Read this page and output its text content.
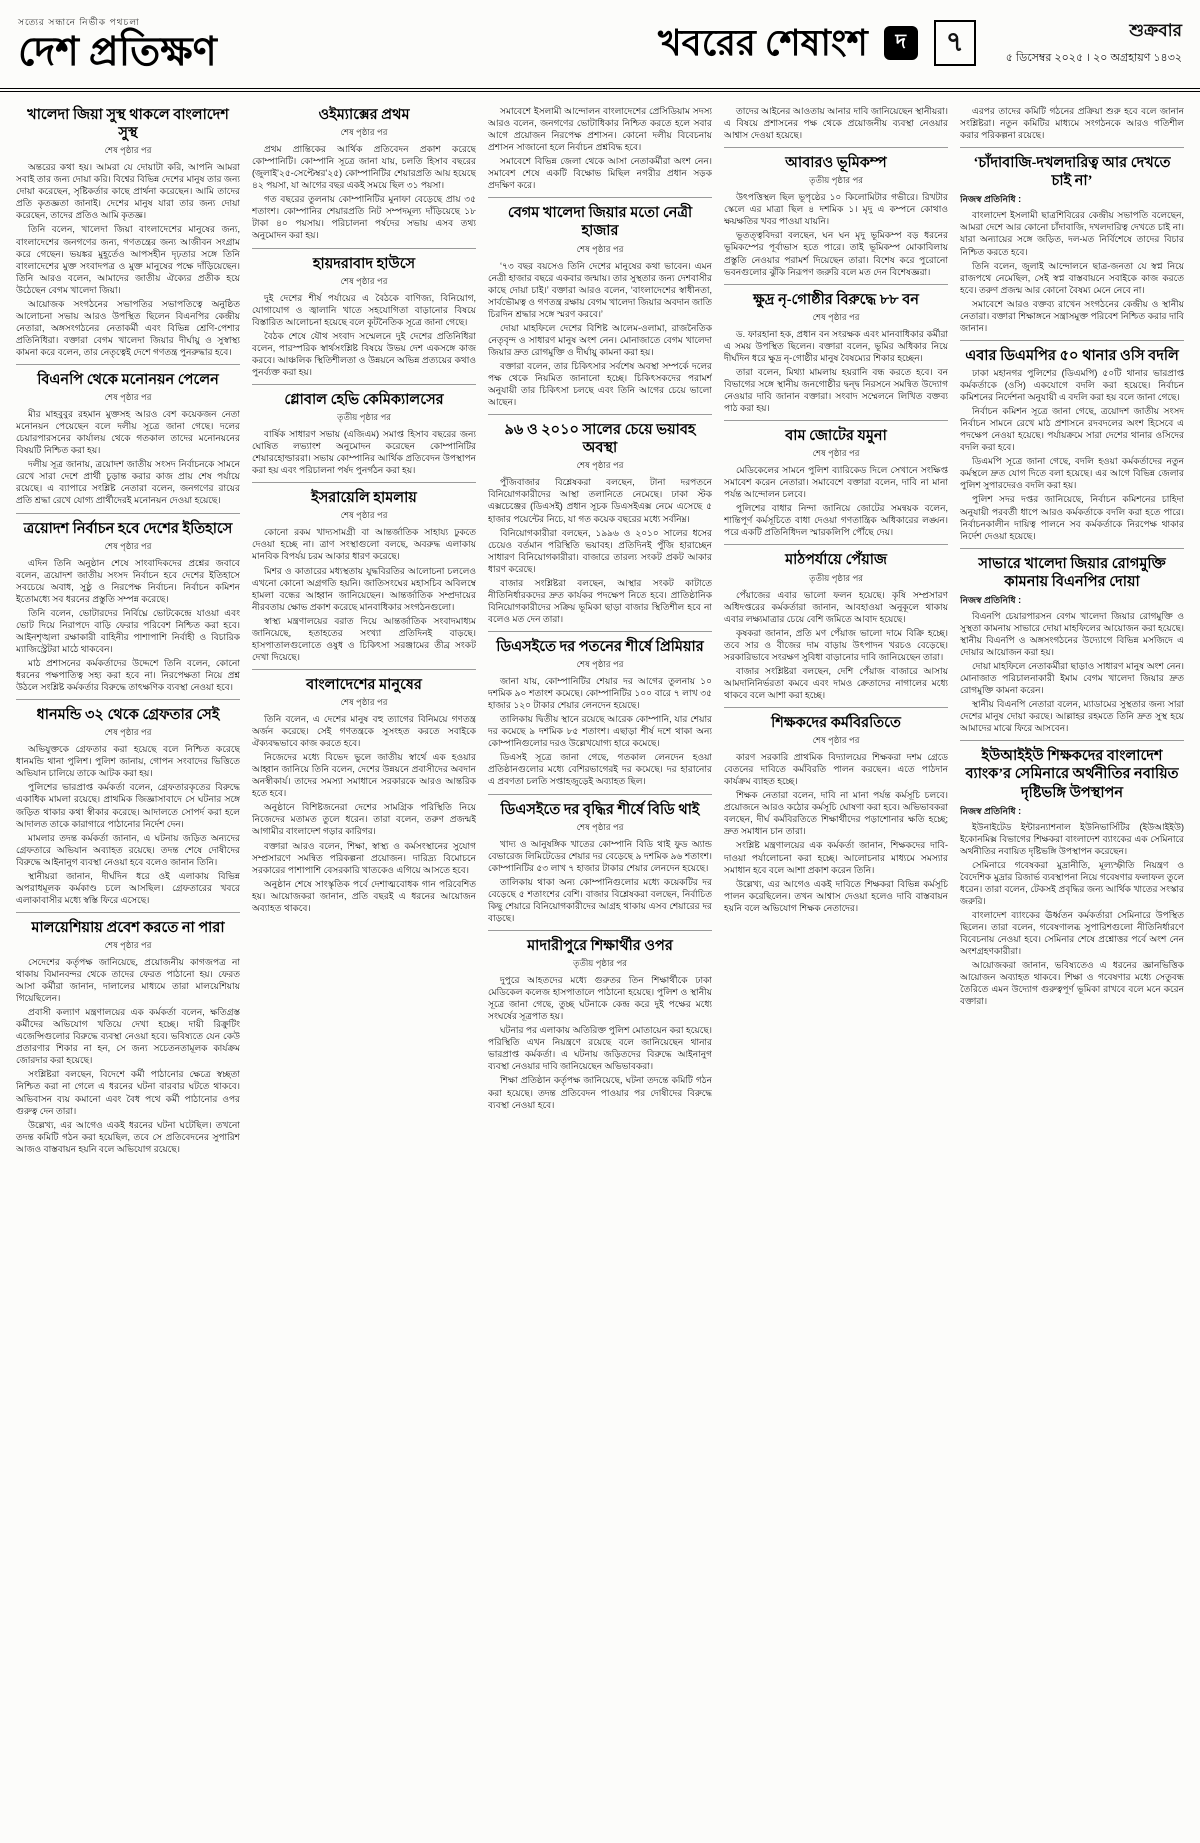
সত্যের সন্ধানে নির্ভীক পথচলা
দেশ প্রতিক্ষণ	খবরের শেষাংশ	দ	৭	শুক্রবার
৫ ডিসেম্বর ২০২৫ । ২০ অগ্রহায়ণ ১৪৩২
খালেদা জিয়া সুস্থ থাকলে বাংলাদেশ সুস্থ
শেষ পৃষ্ঠার পর

অন্তরের কথা হয়। আমরা যে দোয়াটা করি, আপনি আমরা সবাই তার জন্য দোয়া করি। বিশ্বের বিভিন্ন দেশের মানুষ তার জন্য দোয়া করেছেন, সৃষ্টিকর্তার কাছে প্রার্থনা করেছেন। আমি তাদের প্রতি কৃতজ্ঞতা জানাই। দেশের মানুষ যারা তার জন্য দোয়া করেছেন, তাদের প্রতিও আমি কৃতজ্ঞ।

তিনি বলেন, খালেদা জিয়া বাংলাদেশের মানুষের জন্য, বাংলাদেশের জনগণের জন্য, গণতন্ত্রের জন্য আজীবন সংগ্রাম করে গেছেন। ভয়ঙ্কর মুহূর্তেও আপসহীন দৃঢ়তার সঙ্গে তিনি বাংলাদেশের মুক্ত সংবাদপত্র ও মুক্ত মানুষের পক্ষে দাঁড়িয়েছেন। তিনি আরও বলেন, আমাদের জাতীয় ঐক্যের প্রতীক হয়ে উঠেছেন বেগম খালেদা জিয়া।

আয়োজক সংগঠনের সভাপতির সভাপতিত্বে অনুষ্ঠিত আলোচনা সভায় আরও উপস্থিত ছিলেন বিএনপির কেন্দ্রীয় নেতারা, অঙ্গসংগঠনের নেতাকর্মী এবং বিভিন্ন শ্রেণি-পেশার প্রতিনিধিরা। বক্তারা বেগম খালেদা জিয়ার দীর্ঘায়ু ও সুস্বাস্থ্য কামনা করে বলেন, তার নেতৃত্বেই দেশে গণতন্ত্র পুনরুদ্ধার হবে।

বিএনপি থেকে মনোনয়ন পেলেন
শেষ পৃষ্ঠার পর

মীর মাহবুবুর রহমান মুক্তসহ আরও বেশ কয়েকজন নেতা মনোনয়ন পেয়েছেন বলে দলীয় সূত্রে জানা গেছে। দলের চেয়ারপারসনের কার্যালয় থেকে গতকাল তাদের মনোনয়নের বিষয়টি নিশ্চিত করা হয়।

দলীয় সূত্র জানায়, ত্রয়োদশ জাতীয় সংসদ নির্বাচনকে সামনে রেখে সারা দেশে প্রার্থী চূড়ান্ত করার কাজ প্রায় শেষ পর্যায়ে রয়েছে। এ ব্যাপারে সংশ্লিষ্ট নেতারা বলেন, জনগণের রায়ের প্রতি শ্রদ্ধা রেখে যোগ্য প্রার্থীদেরই মনোনয়ন দেওয়া হয়েছে।

ত্রয়োদশ নির্বাচন হবে দেশের ইতিহাসে
শেষ পৃষ্ঠার পর

এদিন তিনি অনুষ্ঠান শেষে সাংবাদিকদের প্রশ্নের জবাবে বলেন, ত্রয়োদশ জাতীয় সংসদ নির্বাচন হবে দেশের ইতিহাসে সবচেয়ে অবাধ, সুষ্ঠু ও নিরপেক্ষ নির্বাচন। নির্বাচন কমিশন ইতোমধ্যে সব ধরনের প্রস্তুতি সম্পন্ন করেছে।

তিনি বলেন, ভোটারদের নির্বিঘ্নে ভোটকেন্দ্রে যাওয়া এবং ভোট দিয়ে নিরাপদে বাড়ি ফেরার পরিবেশ নিশ্চিত করা হবে। আইনশৃঙ্খলা রক্ষাকারী বাহিনীর পাশাপাশি নির্বাহী ও বিচারিক ম্যাজিস্ট্রেটরা মাঠে থাকবেন।

মাঠ প্রশাসনের কর্মকর্তাদের উদ্দেশে তিনি বলেন, কোনো ধরনের পক্ষপাতিত্ব সহ্য করা হবে না। নিরপেক্ষতা নিয়ে প্রশ্ন উঠলে সংশ্লিষ্ট কর্মকর্তার বিরুদ্ধে তাৎক্ষণিক ব্যবস্থা নেওয়া হবে।

ধানমন্ডি ৩২ থেকে গ্রেফতার সেই
শেষ পৃষ্ঠার পর

অভিযুক্তকে গ্রেফতার করা হয়েছে বলে নিশ্চিত করেছে ধানমন্ডি থানা পুলিশ। পুলিশ জানায়, গোপন সংবাদের ভিত্তিতে অভিযান চালিয়ে তাকে আটক করা হয়।

পুলিশের ভারপ্রাপ্ত কর্মকর্তা বলেন, গ্রেফতারকৃতের বিরুদ্ধে একাধিক মামলা রয়েছে। প্রাথমিক জিজ্ঞাসাবাদে সে ঘটনার সঙ্গে জড়িত থাকার কথা স্বীকার করেছে। আদালতে সোপর্দ করা হলে আদালত তাকে কারাগারে পাঠানোর নির্দেশ দেন।

মামলার তদন্ত কর্মকর্তা জানান, এ ঘটনায় জড়িত অন্যদের গ্রেফতারে অভিযান অব্যাহত রয়েছে। তদন্ত শেষে দোষীদের বিরুদ্ধে আইনানুগ ব্যবস্থা নেওয়া হবে বলেও জানান তিনি।

স্থানীয়রা জানান, দীর্ঘদিন ধরে ওই এলাকায় বিভিন্ন অপরাধমূলক কর্মকাণ্ড চলে আসছিল। গ্রেফতারের খবরে এলাকাবাসীর মধ্যে স্বস্তি ফিরে এসেছে।

মালয়েশিয়ায় প্রবেশ করতে না পারা
শেষ পৃষ্ঠার পর

সেদেশের কর্তৃপক্ষ জানিয়েছে, প্রয়োজনীয় কাগজপত্র না থাকায় বিমানবন্দর থেকে তাদের ফেরত পাঠানো হয়। ফেরত আসা কর্মীরা জানান, দালালের মাধ্যমে তারা মালয়েশিয়ায় গিয়েছিলেন।

প্রবাসী কল্যাণ মন্ত্রণালয়ের এক কর্মকর্তা বলেন, ক্ষতিগ্রস্ত কর্মীদের অভিযোগ খতিয়ে দেখা হচ্ছে। দায়ী রিক্রুটিং এজেন্সিগুলোর বিরুদ্ধে ব্যবস্থা নেওয়া হবে। ভবিষ্যতে যেন কেউ প্রতারণার শিকার না হন, সে জন্য সচেতনতামূলক কার্যক্রম জোরদার করা হয়েছে।

সংশ্লিষ্টরা বলছেন, বিদেশে কর্মী পাঠানোর ক্ষেত্রে স্বচ্ছতা নিশ্চিত করা না গেলে এ ধরনের ঘটনা বারবার ঘটতে থাকবে। অভিবাসন ব্যয় কমানো এবং বৈধ পথে কর্মী পাঠানোর ওপর গুরুত্ব দেন তারা।

উল্লেখ্য, এর আগেও একই ধরনের ঘটনা ঘটেছিল। তখনো তদন্ত কমিটি গঠন করা হয়েছিল, তবে সে প্রতিবেদনের সুপারিশ আজও বাস্তবায়ন হয়নি বলে অভিযোগ রয়েছে।

ওইম্যাক্সের প্রথম
শেষ পৃষ্ঠার পর

প্রথম প্রান্তিকের আর্থিক প্রতিবেদন প্রকাশ করেছে কোম্পানিটি। কোম্পানি সূত্রে জানা যায়, চলতি হিসাব বছরের (জুলাই’২৫-সেপ্টেম্বর’২৫) কোম্পানিটির শেয়ারপ্রতি আয় হয়েছে ৪২ পয়সা, যা আগের বছর একই সময়ে ছিল ৩১ পয়সা।

গত বছরের তুলনায় কোম্পানিটির মুনাফা বেড়েছে প্রায় ৩৫ শতাংশ। কোম্পানির শেয়ারপ্রতি নিট সম্পদমূল্য দাঁড়িয়েছে ১৮ টাকা ৪০ পয়সায়। পরিচালনা পর্ষদের সভায় এসব তথ্য অনুমোদন করা হয়।

হায়দরাবাদ হাউসে
শেষ পৃষ্ঠার পর

দুই দেশের শীর্ষ পর্যায়ের এ বৈঠকে বাণিজ্য, বিনিয়োগ, যোগাযোগ ও জ্বালানি খাতে সহযোগিতা বাড়ানোর বিষয়ে বিস্তারিত আলোচনা হয়েছে বলে কূটনৈতিক সূত্রে জানা গেছে।

বৈঠক শেষে যৌথ সংবাদ সম্মেলনে দুই দেশের প্রতিনিধিরা বলেন, পারস্পরিক স্বার্থসংশ্লিষ্ট বিষয়ে উভয় দেশ একসঙ্গে কাজ করবে। আঞ্চলিক স্থিতিশীলতা ও উন্নয়নে অভিন্ন প্রত্যয়ের কথাও পুনর্ব্যক্ত করা হয়।

গ্লোবাল হেভি কেমিক্যালসের
তৃতীয় পৃষ্ঠার পর

বার্ষিক সাধারণ সভায় (এজিএম) সমাপ্ত হিসাব বছরের জন্য ঘোষিত লভ্যাংশ অনুমোদন করেছেন কোম্পানিটির শেয়ারহোল্ডাররা। সভায় কোম্পানির আর্থিক প্রতিবেদন উপস্থাপন করা হয় এবং পরিচালনা পর্ষদ পুনর্গঠন করা হয়।

ইসরায়েলি হামলায়
শেষ পৃষ্ঠার পর

কোনো রকম খাদ্যসামগ্রী বা আন্তর্জাতিক সাহায্য ঢুকতে দেওয়া হচ্ছে না। ত্রাণ সংস্থাগুলো বলছে, অবরুদ্ধ এলাকায় মানবিক বিপর্যয় চরম আকার ধারণ করেছে।

মিশর ও কাতারের মধ্যস্থতায় যুদ্ধবিরতির আলোচনা চললেও এখনো কোনো অগ্রগতি হয়নি। জাতিসংঘের মহাসচিব অবিলম্বে হামলা বন্ধের আহ্বান জানিয়েছেন। আন্তর্জাতিক সম্প্রদায়ের নীরবতায় ক্ষোভ প্রকাশ করেছে মানবাধিকার সংগঠনগুলো।

স্বাস্থ্য মন্ত্রণালয়ের বরাত দিয়ে আন্তর্জাতিক সংবাদমাধ্যম জানিয়েছে, হতাহতের সংখ্যা প্রতিদিনই বাড়ছে। হাসপাতালগুলোতে ওষুধ ও চিকিৎসা সরঞ্জামের তীব্র সংকট দেখা দিয়েছে।

বাংলাদেশের মানুষের
শেষ পৃষ্ঠার পর

তিনি বলেন, এ দেশের মানুষ বহু ত্যাগের বিনিময়ে গণতন্ত্র অর্জন করেছে। সেই গণতন্ত্রকে সুসংহত করতে সবাইকে ঐক্যবদ্ধভাবে কাজ করতে হবে।

নিজেদের মধ্যে বিভেদ ভুলে জাতীয় স্বার্থে এক হওয়ার আহ্বান জানিয়ে তিনি বলেন, দেশের উন্নয়নে প্রবাসীদের অবদান অনস্বীকার্য। তাদের সমস্যা সমাধানে সরকারকে আরও আন্তরিক হতে হবে।

অনুষ্ঠানে বিশিষ্টজনেরা দেশের সামগ্রিক পরিস্থিতি নিয়ে নিজেদের মতামত তুলে ধরেন। তারা বলেন, তরুণ প্রজন্মই আগামীর বাংলাদেশ গড়ার কারিগর।

বক্তারা আরও বলেন, শিক্ষা, স্বাস্থ্য ও কর্মসংস্থানের সুযোগ সম্প্রসারণে সমন্বিত পরিকল্পনা প্রয়োজন। দারিদ্র্য বিমোচনে সরকারের পাশাপাশি বেসরকারি খাতকেও এগিয়ে আসতে হবে।

অনুষ্ঠান শেষে সাংস্কৃতিক পর্বে দেশাত্মবোধক গান পরিবেশিত হয়। আয়োজকরা জানান, প্রতি বছরই এ ধরনের আয়োজন অব্যাহত থাকবে।

সমাবেশে ইসলামী আন্দোলন বাংলাদেশের প্রেসিডিয়াম সদস্য আরও বলেন, জনগণের ভোটাধিকার নিশ্চিত করতে হলে সবার আগে প্রয়োজন নিরপেক্ষ প্রশাসন। কোনো দলীয় বিবেচনায় প্রশাসন সাজানো হলে নির্বাচন প্রশ্নবিদ্ধ হবে।

সমাবেশে বিভিন্ন জেলা থেকে আসা নেতাকর্মীরা অংশ নেন। সমাবেশ শেষে একটি বিক্ষোভ মিছিল নগরীর প্রধান সড়ক প্রদক্ষিণ করে।

বেগম খালেদা জিয়ার মতো নেত্রী হাজার
শেষ পৃষ্ঠার পর

‘৭৩ বছর বয়সেও তিনি দেশের মানুষের কথা ভাবেন। এমন নেত্রী হাজার বছরে একবার জন্মায়। তার সুস্থতার জন্য দেশবাসীর কাছে দোয়া চাই।’ বক্তারা আরও বলেন, ‘বাংলাদেশের স্বাধীনতা, সার্বভৌমত্ব ও গণতন্ত্র রক্ষায় বেগম খালেদা জিয়ার অবদান জাতি চিরদিন শ্রদ্ধার সঙ্গে স্মরণ করবে।’

দোয়া মাহফিলে দেশের বিশিষ্ট আলেম-ওলামা, রাজনৈতিক নেতৃবৃন্দ ও সাধারণ মানুষ অংশ নেন। মোনাজাতে বেগম খালেদা জিয়ার দ্রুত রোগমুক্তি ও দীর্ঘায়ু কামনা করা হয়।

বক্তারা বলেন, তার চিকিৎসার সর্বশেষ অবস্থা সম্পর্কে দলের পক্ষ থেকে নিয়মিত জানানো হচ্ছে। চিকিৎসকদের পরামর্শ অনুযায়ী তার চিকিৎসা চলছে এবং তিনি আগের চেয়ে ভালো আছেন।

৯৬ ও ২০১০ সালের চেয়ে ভয়াবহ অবস্থা
শেষ পৃষ্ঠার পর

পুঁজিবাজার বিশ্লেষকরা বলছেন, টানা দরপতনে বিনিয়োগকারীদের আস্থা তলানিতে নেমেছে। ঢাকা স্টক এক্সচেঞ্জের (ডিএসই) প্রধান সূচক ডিএসইএক্স নেমে এসেছে ৫ হাজার পয়েন্টের নিচে, যা গত কয়েক বছরের মধ্যে সর্বনিম্ন।

বিনিয়োগকারীরা বলছেন, ১৯৯৬ ও ২০১০ সালের ধসের চেয়েও বর্তমান পরিস্থিতি ভয়াবহ। প্রতিদিনই পুঁজি হারাচ্ছেন সাধারণ বিনিয়োগকারীরা। বাজারে তারল্য সংকট প্রকট আকার ধারণ করেছে।

বাজার সংশ্লিষ্টরা বলছেন, আস্থার সংকট কাটাতে নীতিনির্ধারকদের দ্রুত কার্যকর পদক্ষেপ নিতে হবে। প্রাতিষ্ঠানিক বিনিয়োগকারীদের সক্রিয় ভূমিকা ছাড়া বাজার স্থিতিশীল হবে না বলেও মত দেন তারা।

ডিএসইতে দর পতনের শীর্ষে প্রিমিয়ার
শেষ পৃষ্ঠার পর

জানা যায়, কোম্পানিটির শেয়ার দর আগের তুলনায় ১০ দশমিক ৯০ শতাংশ কমেছে। কোম্পানিটির ১০০ বারে ৭ লাখ ৩৫ হাজার ১২০ টাকার শেয়ার লেনদেন হয়েছে।

তালিকায় দ্বিতীয় স্থানে রয়েছে আরেক কোম্পানি, যার শেয়ার দর কমেছে ৯ দশমিক ৮৫ শতাংশ। এছাড়া শীর্ষ দশে থাকা অন্য কোম্পানিগুলোর দরও উল্লেখযোগ্য হারে কমেছে।

ডিএসই সূত্রে জানা গেছে, গতকাল লেনদেন হওয়া প্রতিষ্ঠানগুলোর মধ্যে বেশিরভাগেরই দর কমেছে। দর হারানোর এ প্রবণতা চলতি সপ্তাহজুড়েই অব্যাহত ছিল।

ডিএসইতে দর বৃদ্ধির শীর্ষে বিডি থাই
শেষ পৃষ্ঠার পর

খাদ্য ও আনুষঙ্গিক খাতের কোম্পানি বিডি থাই ফুড অ্যান্ড বেভারেজ লিমিটেডের শেয়ার দর বেড়েছে ৯ দশমিক ৯৬ শতাংশ। কোম্পানিটির ৫৩ লাখ ৭ হাজার টাকার শেয়ার লেনদেন হয়েছে।

তালিকায় থাকা অন্য কোম্পানিগুলোর মধ্যে কয়েকটির দর বেড়েছে ৫ শতাংশের বেশি। বাজার বিশ্লেষকরা বলছেন, নির্বাচিত কিছু শেয়ারে বিনিয়োগকারীদের আগ্রহ থাকায় এসব শেয়ারের দর বাড়ছে।

মাদারীপুরে শিক্ষার্থীর ওপর
তৃতীয় পৃষ্ঠার পর

দুপুরে আহতদের মধ্যে গুরুতর তিন শিক্ষার্থীকে ঢাকা মেডিকেল কলেজ হাসপাতালে পাঠানো হয়েছে। পুলিশ ও স্থানীয় সূত্রে জানা গেছে, তুচ্ছ ঘটনাকে কেন্দ্র করে দুই পক্ষের মধ্যে সংঘর্ষের সূত্রপাত হয়।

ঘটনার পর এলাকায় অতিরিক্ত পুলিশ মোতায়েন করা হয়েছে। পরিস্থিতি এখন নিয়ন্ত্রণে রয়েছে বলে জানিয়েছেন থানার ভারপ্রাপ্ত কর্মকর্তা। এ ঘটনায় জড়িতদের বিরুদ্ধে আইনানুগ ব্যবস্থা নেওয়ার দাবি জানিয়েছেন অভিভাবকরা।

শিক্ষা প্রতিষ্ঠান কর্তৃপক্ষ জানিয়েছে, ঘটনা তদন্তে কমিটি গঠন করা হয়েছে। তদন্ত প্রতিবেদন পাওয়ার পর দোষীদের বিরুদ্ধে ব্যবস্থা নেওয়া হবে।

তাদের আইনের আওতায় আনার দাবি জানিয়েছেন স্থানীয়রা। এ বিষয়ে প্রশাসনের পক্ষ থেকে প্রয়োজনীয় ব্যবস্থা নেওয়ার আশ্বাস দেওয়া হয়েছে।

আবারও ভূমিকম্প
তৃতীয় পৃষ্ঠার পর

উৎপত্তিস্থল ছিল ভূপৃষ্ঠের ১০ কিলোমিটার গভীরে। রিখটার স্কেলে এর মাত্রা ছিল ৪ দশমিক ১। মৃদু এ কম্পনে কোথাও ক্ষয়ক্ষতির খবর পাওয়া যায়নি।

ভূতত্ত্ববিদরা বলছেন, ঘন ঘন মৃদু ভূমিকম্প বড় ধরনের ভূমিকম্পের পূর্বাভাস হতে পারে। তাই ভূমিকম্প মোকাবিলায় প্রস্তুতি নেওয়ার পরামর্শ দিয়েছেন তারা। বিশেষ করে পুরোনো ভবনগুলোর ঝুঁকি নিরূপণ জরুরি বলে মত দেন বিশেষজ্ঞরা।

ক্ষুদ্র নৃ-গোষ্ঠীর বিরুদ্ধে ৮৮ বন
শেষ পৃষ্ঠার পর

ড. ফারহানা হক, প্রধান বন সংরক্ষক এবং মানবাধিকার কর্মীরা এ সময় উপস্থিত ছিলেন। বক্তারা বলেন, ভূমির অধিকার নিয়ে দীর্ঘদিন ধরে ক্ষুদ্র নৃ-গোষ্ঠীর মানুষ বৈষম্যের শিকার হচ্ছেন।

তারা বলেন, মিথ্যা মামলায় হয়রানি বন্ধ করতে হবে। বন বিভাগের সঙ্গে স্থানীয় জনগোষ্ঠীর দ্বন্দ্ব নিরসনে সমন্বিত উদ্যোগ নেওয়ার দাবি জানান বক্তারা। সংবাদ সম্মেলনে লিখিত বক্তব্য পাঠ করা হয়।

বাম জোটের যমুনা
শেষ পৃষ্ঠার পর

মেডিকেলের সামনে পুলিশ ব্যারিকেড দিলে সেখানে সংক্ষিপ্ত সমাবেশ করেন নেতারা। সমাবেশে বক্তারা বলেন, দাবি না মানা পর্যন্ত আন্দোলন চলবে।

পুলিশের বাধার নিন্দা জানিয়ে জোটের সমন্বয়ক বলেন, শান্তিপূর্ণ কর্মসূচিতে বাধা দেওয়া গণতান্ত্রিক অধিকারের লঙ্ঘন। পরে একটি প্রতিনিধিদল স্মারকলিপি পৌঁছে দেয়।

মাঠপর্যায়ে পেঁয়াজ
তৃতীয় পৃষ্ঠার পর

পেঁয়াজের এবার ভালো ফলন হয়েছে। কৃষি সম্প্রসারণ অধিদপ্তরের কর্মকর্তারা জানান, আবহাওয়া অনুকূলে থাকায় এবার লক্ষ্যমাত্রার চেয়ে বেশি জমিতে আবাদ হয়েছে।

কৃষকরা জানান, প্রতি মণ পেঁয়াজ ভালো দামে বিক্রি হচ্ছে। তবে সার ও বীজের দাম বাড়ায় উৎপাদন খরচও বেড়েছে। সরকারিভাবে সংরক্ষণ সুবিধা বাড়ানোর দাবি জানিয়েছেন তারা।

বাজার সংশ্লিষ্টরা বলছেন, দেশি পেঁয়াজ বাজারে আসায় আমদানিনির্ভরতা কমবে এবং দামও ক্রেতাদের নাগালের মধ্যে থাকবে বলে আশা করা হচ্ছে।

শিক্ষকদের কর্মবিরতিতে
শেষ পৃষ্ঠার পর

কারণ সরকারি প্রাথমিক বিদ্যালয়ের শিক্ষকরা দশম গ্রেডে বেতনের দাবিতে কর্মবিরতি পালন করছেন। এতে পাঠদান কার্যক্রম ব্যাহত হচ্ছে।

শিক্ষক নেতারা বলেন, দাবি না মানা পর্যন্ত কর্মসূচি চলবে। প্রয়োজনে আরও কঠোর কর্মসূচি ঘোষণা করা হবে। অভিভাবকরা বলছেন, দীর্ঘ কর্মবিরতিতে শিক্ষার্থীদের পড়াশোনার ক্ষতি হচ্ছে; দ্রুত সমাধান চান তারা।

সংশ্লিষ্ট মন্ত্রণালয়ের এক কর্মকর্তা জানান, শিক্ষকদের দাবি-দাওয়া পর্যালোচনা করা হচ্ছে। আলোচনার মাধ্যমে সমস্যার সমাধান হবে বলে আশা প্রকাশ করেন তিনি।

উল্লেখ্য, এর আগেও একই দাবিতে শিক্ষকরা বিভিন্ন কর্মসূচি পালন করেছিলেন। তখন আশ্বাস দেওয়া হলেও দাবি বাস্তবায়ন হয়নি বলে অভিযোগ শিক্ষক নেতাদের।

এরপর তাদের কমিটি গঠনের প্রক্রিয়া শুরু হবে বলে জানান সংশ্লিষ্টরা। নতুন কমিটির মাধ্যমে সংগঠনকে আরও গতিশীল করার পরিকল্পনা রয়েছে।

‘চাঁদাবাজি-দখলদারিত্ব আর দেখতে চাই না’
নিজস্ব প্রতিনিধি :

বাংলাদেশ ইসলামী ছাত্রশিবিরের কেন্দ্রীয় সভাপতি বলেছেন, আমরা দেশে আর কোনো চাঁদাবাজি, দখলদারিত্ব দেখতে চাই না। যারা অন্যায়ের সঙ্গে জড়িত, দল-মত নির্বিশেষে তাদের বিচার নিশ্চিত করতে হবে।

তিনি বলেন, জুলাই আন্দোলনে ছাত্র-জনতা যে স্বপ্ন নিয়ে রাজপথে নেমেছিল, সেই স্বপ্ন বাস্তবায়নে সবাইকে কাজ করতে হবে। তরুণ প্রজন্ম আর কোনো বৈষম্য মেনে নেবে না।

সমাবেশে আরও বক্তব্য রাখেন সংগঠনের কেন্দ্রীয় ও স্থানীয় নেতারা। বক্তারা শিক্ষাঙ্গনে সন্ত্রাসমুক্ত পরিবেশ নিশ্চিত করার দাবি জানান।

এবার ডিএমপির ৫০ থানার ওসি বদলি

ঢাকা মহানগর পুলিশের (ডিএমপি) ৫০টি থানার ভারপ্রাপ্ত কর্মকর্তাকে (ওসি) একযোগে বদলি করা হয়েছে। নির্বাচন কমিশনের নির্দেশনা অনুযায়ী এ বদলি করা হয় বলে জানা গেছে।

নির্বাচন কমিশন সূত্রে জানা গেছে, ত্রয়োদশ জাতীয় সংসদ নির্বাচন সামনে রেখে মাঠ প্রশাসনে রদবদলের অংশ হিসেবে এ পদক্ষেপ নেওয়া হয়েছে। পর্যায়ক্রমে সারা দেশের থানার ওসিদের বদলি করা হবে।

ডিএমপি সূত্রে জানা গেছে, বদলি হওয়া কর্মকর্তাদের নতুন কর্মস্থলে দ্রুত যোগ দিতে বলা হয়েছে। এর আগে বিভিন্ন জেলার পুলিশ সুপারদেরও বদলি করা হয়।

পুলিশ সদর দপ্তর জানিয়েছে, নির্বাচন কমিশনের চাহিদা অনুযায়ী পরবর্তী ধাপে আরও কর্মকর্তাকে বদলি করা হতে পারে। নির্বাচনকালীন দায়িত্ব পালনে সব কর্মকর্তাকে নিরপেক্ষ থাকার নির্দেশ দেওয়া হয়েছে।

সাভারে খালেদা জিয়ার রোগমুক্তি কামনায় বিএনপির দোয়া
নিজস্ব প্রতিনিধি :

বিএনপি চেয়ারপারসন বেগম খালেদা জিয়ার রোগমুক্তি ও সুস্থতা কামনায় সাভারে দোয়া মাহফিলের আয়োজন করা হয়েছে। স্থানীয় বিএনপি ও অঙ্গসংগঠনের উদ্যোগে বিভিন্ন মসজিদে এ দোয়ার আয়োজন করা হয়।

দোয়া মাহফিলে নেতাকর্মীরা ছাড়াও সাধারণ মানুষ অংশ নেন। মোনাজাত পরিচালনাকারী ইমাম বেগম খালেদা জিয়ার দ্রুত রোগমুক্তি কামনা করেন।

স্থানীয় বিএনপি নেতারা বলেন, ম্যাডামের সুস্থতার জন্য সারা দেশের মানুষ দোয়া করছে। আল্লাহর রহমতে তিনি দ্রুত সুস্থ হয়ে আমাদের মাঝে ফিরে আসবেন।

ইউআইইউ শিক্ষকদের বাংলাদেশ ব্যাংক’র সেমিনারে অর্থনীতির নবায়িত দৃষ্টিভঙ্গি উপস্থাপন
নিজস্ব প্রতিনিধি :

ইউনাইটেড ইন্টারন্যাশনাল ইউনিভার্সিটির (ইউআইইউ) ইকোনমিক্স বিভাগের শিক্ষকরা বাংলাদেশ ব্যাংকের এক সেমিনারে অর্থনীতির নবায়িত দৃষ্টিভঙ্গি উপস্থাপন করেছেন।

সেমিনারে গবেষকরা মুদ্রানীতি, মূল্যস্ফীতি নিয়ন্ত্রণ ও বৈদেশিক মুদ্রার রিজার্ভ ব্যবস্থাপনা নিয়ে গবেষণার ফলাফল তুলে ধরেন। তারা বলেন, টেকসই প্রবৃদ্ধির জন্য আর্থিক খাতের সংস্কার জরুরি।

বাংলাদেশ ব্যাংকের ঊর্ধ্বতন কর্মকর্তারা সেমিনারে উপস্থিত ছিলেন। তারা বলেন, গবেষণালব্ধ সুপারিশগুলো নীতিনির্ধারণে বিবেচনায় নেওয়া হবে। সেমিনার শেষে প্রশ্নোত্তর পর্বে অংশ নেন অংশগ্রহণকারীরা।

আয়োজকরা জানান, ভবিষ্যতেও এ ধরনের জ্ঞানভিত্তিক আয়োজন অব্যাহত থাকবে। শিক্ষা ও গবেষণার মধ্যে সেতুবন্ধ তৈরিতে এমন উদ্যোগ গুরুত্বপূর্ণ ভূমিকা রাখবে বলে মনে করেন বক্তারা।
